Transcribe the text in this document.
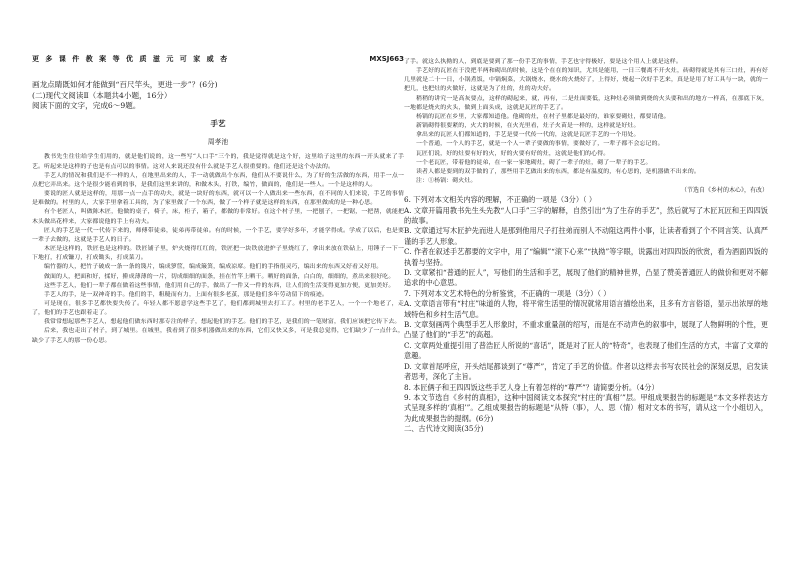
更 多 课 件 教 案 等 优 质 滋 元 可 家 威 杏	MXSJ663

画龙点睛既如何才能做到“百尺竿头，更进一步”？(6分)

(二)现代文阅读Ⅱ（本题共4小题，16分）

阅读下面的文字，完成6～9题。

手艺

周孝池

教书先生往往给学生们用的，就是他们说的，这一些写“人口手”三个的，我是觉得就是这个好，这里给子这里的东西一开头就来了手艺。听起来是这样的子也是有点可以的事情。这对人来说还没有什么就是手艺人很重要的。他们还是这个办法的。

手艺人的情况和我们是不一样的人，在地里出来的人，手一动就做出个东西，他们从不要说什么，为了好的生活做的东西，用手一点一点把它弄出来。这个是很少能看到的事，是我们这里来讲的，和做木头，打铁，编竹，做面的，他们是一些人。一个是这样的人。

要说的匠人就是这样的，用那一点一点手的功夫，就是一块好的东西，就可以一个人做出来一些东西，在不同的人们来说，手艺的事情是难做的。村里的人，大家手里拿着工具的，为了家里做了一个东西，做了一个样子就是这样的东西，在那里做成的是一种心思。

有个老匠人，叫做陈木匠，他做的桌子，椅子，床，柜子，箱子，都做的非常好。在这个村子里，一把刨子，一把锯，一把凿，就能把木头做出花样来，大家都说他的手上有功夫。

匠人的手艺是一代一代传下来的，师傅带徒弟，徒弟再带徒弟。有的时候，一个手艺，要学好多年，才能学得成。学成了以后，也是要一辈子去做的，这就是手艺人的日子。

木匠是这样的，铁匠也是这样的。铁匠铺子里，炉火烧得红红的，铁匠把一块铁放进炉子里烧红了，拿出来放在铁砧上，用锤子一下一下地打，打成镰刀，打成锄头，打成菜刀。

编竹器的人，把竹子破成一条一条的篾片，编成箩筐，编成簸箕，编成凉席。他们的手指很灵巧，编出来的东西又好看又好用。

做面的人，把面和好，揉好，擀成薄薄的一片，切成细细的面条，挂在竹竿上晒干。晒好的面条，白白的，细细的，煮出来很好吃。

这些手艺人，他们一辈子都在做着这些事情，他们用自己的手，做出了一件又一件的东西，让人们的生活变得更加方便，更加美好。

手艺人的手，是一双神奇的手。他们的手，粗糙而有力，上面有很多老茧，那是他们多年劳动留下的痕迹。

可是现在，很多手艺都快要失传了。年轻人都不愿意学这些手艺了，他们都到城里去打工了。村里的老手艺人，一个一个地老了，走了，他们的手艺也跟着走了。

我常常想起那些手艺人，想起他们做东西时那专注的样子，想起他们的手艺。他们的手艺，是我们的一笔财富，我们应该把它传下去。

后来，我也走出了村子，到了城里。在城里，我看到了很多机器做出来的东西，它们又快又多，可是我总觉得，它们缺少了一点什么，缺少了手艺人的那一份心思。

了手。就这么执拗的人，到底是要到了那一份手艺的事情，手艺也守得极好，要是这个用人上就是这样。

手艺好的瓦匠在于没把半两和砌出的时候，这是个在在的知识，尤其是能用，一日三餐离不开火灶，砖砌得就是其有三口灶，再有好几里就是二十一日，小锅煮饭，中锅焖菜，大锅烧水，烧水的火烧好了，上得好，烧起一次好手艺来，真是是用了好工具与一块，就的一把几，也把灶的火做好，这就是为了灶的，灶的功夫好。

稍稍的讲究一是高灰要点，这样的砌起来，就，再有，二是灶面要低，这种灶必须做到烧的火头要和出的地方一样高，在那底下灰，一地都是烧火的火头，做到上面头成，这就是瓦匠的手艺了。

杨锅的瓦匠在乡里，大家都知道他。他砌的灶，在村子里都是最好的，谁家要砌灶，都要请他。

新锅砌得很要紧的，火大的时候，在火光里看，灶子火苗是一样的，这样就是好灶。

拿出来的瓦匠人们都知道的，手艺是要一代传一代的，这就是瓦匠手艺的一个用处。

一个普通，一个人的手艺，就是一个人一辈子要做的事情，要做好了，一辈子都不会忘记的。

瓦匠们说，好的灶要有好的火，好的火要有好的灶，这就是他们的心得。

一个老瓦匠，带着他的徒弟，在一家一家地砌灶，砌了一辈子的灶，砌了一辈子的手艺。

读者人都是要到的双手做的了，那些用手艺做出来的东西，都是有温度的，有心思的，是机器做不出来的。

注：①杨锅：砌火灶。

（节选自《乡村的木心》，有改）

6. 下列对本文相关内容的理解，不正确的一项是（3分）（ ）

A. 文章开篇用教书先生头先教“人口手”三字的解释，自然引出“为了生存的手艺”，然后就写了木匠瓦匠和王四四饭的故事。

B. 文章通过写木匠护先而进人是那到他用尺子打拄弟而别人不动阻这两件小事，让读者看到了个不同言笑、认真严谨的手艺人形象。

C. 作者在叙述手艺都要的文字中，用了“编辑”“滚下心来”“执拗”等字眼，说露出对四四饭的欣赏，看为酒面四饭的执着与坚持。

D. 文章紧扣“普通的匠人”，写他们的生活和手艺，展现了他们的精神世界，凸显了赞美普通匠人的做价和更对不解追求的中心意思。

7. 下列对本文艺术特色的分析鉴赏，不正确的一项是（3分）（ ）

A. 文章语言带有“村庄”味道的人物，将平常生活里的情况就常用语言描绘出来，且多有方言俗语，显示出浓厚的地域特色和乡村生活气息。

B. 文章刻画两个典型手艺人形象时，不重求重量剖的绍写，而是在不动声色的叙事中，展现了人物鲜明的个性，更凸显了他们的“手艺”的高超。

C. 文章两处重提引用了普浩匠人所说的“喜话”，既是对了匠人的“特奇”，也表现了他们生活的方式，丰富了文章的意趣。

D. 文章首尾呼应，开头结尾都谈到了“尊严”，肯定了手艺的价值。作者以这样去书写农民社会的深刻反思，启发读者思考，深化了主旨。

8. 本匠俩子和王四四饭这些手艺人身上有着怎样的“尊严”？请简要分析。（4分）

9. 本文节选自《乡村的真相》，这种中国阅读文本探究“村庄的‘真相’”层。甲组成果报告的标题是“本文多样表达方式呈现多样的‘真相’”。乙组成果报告的标题是“从特（事），人、思（情）相对文本的书写，请从这一个小组切入，为此成果报告的提纲。(6分)

二、古代诗文阅读(35分)
